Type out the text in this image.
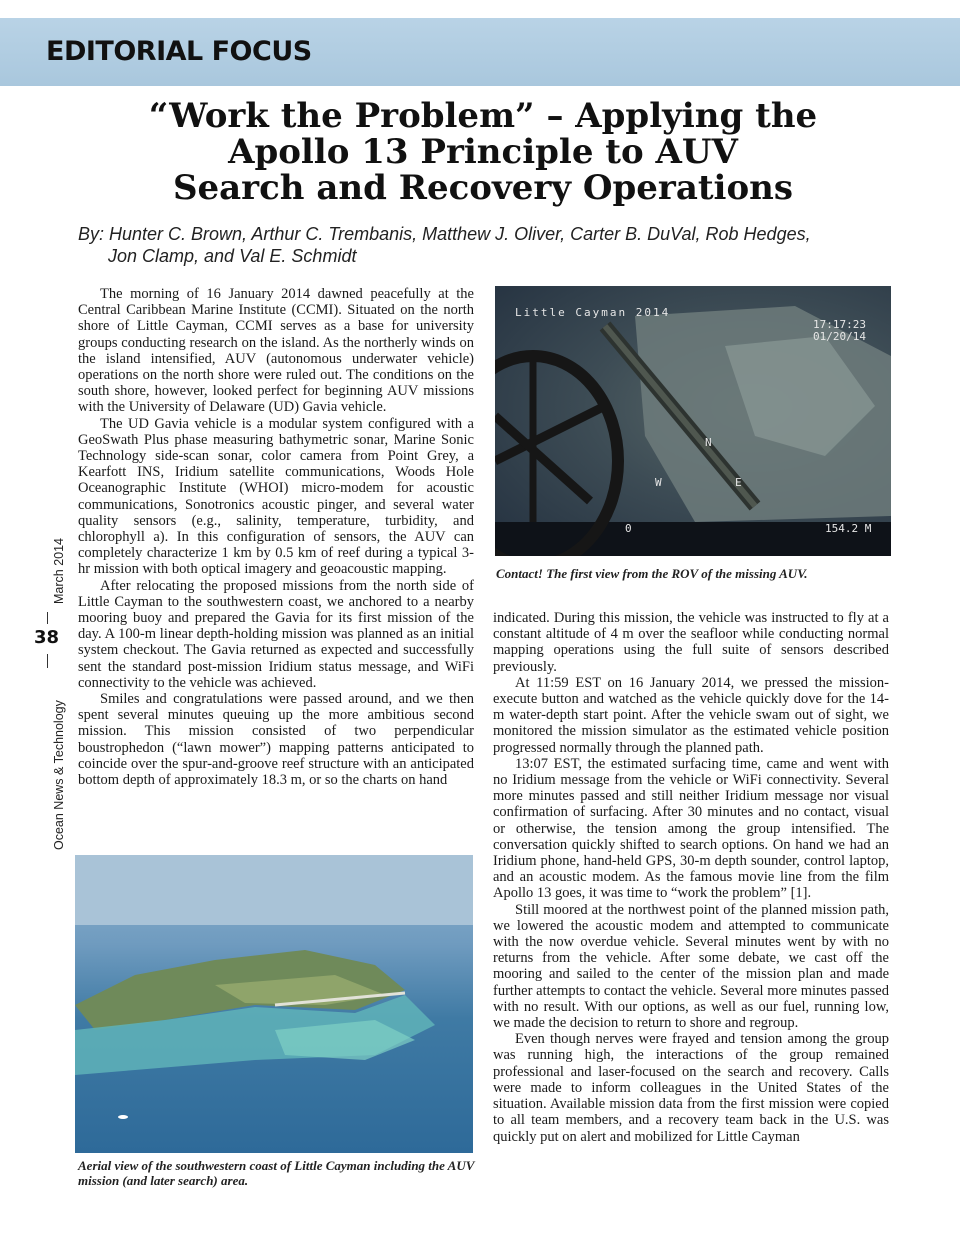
EDITORIAL FOCUS
“Work the Problem” – Applying the
Apollo 13 Principle to AUV
Search and Recovery Operations
By: Hunter C. Brown, Arthur C. Trembanis, Matthew J. Oliver, Carter B. DuVal, Rob Hedges,
Jon Clamp, and Val E. Schmidt
March 2014
38
Ocean News & Technology

The morning of 16 January 2014 dawned peacefully at the Central Caribbean Marine Institute (CCMI). Situated on the north shore of Little Cayman, CCMI serves as a base for university groups conducting research on the island. As the northerly winds on the island intensified, AUV (autonomous underwater vehicle) operations on the north shore were ruled out. The conditions on the south shore, however, looked perfect for beginning AUV missions with the University of Delaware (UD) Gavia vehicle.

The UD Gavia vehicle is a modular system configured with a GeoSwath Plus phase measuring bathymetric sonar, Marine Sonic Technology side-scan sonar, color camera from Point Grey, a Kearfott INS, Iridium satellite communications, Woods Hole Oceanographic Institute (WHOI) micro-modem for acoustic communications, Sonotronics acoustic pinger, and several water quality sensors (e.g., salinity, temperature, turbidity, and chlorophyll a). In this configuration of sensors, the AUV can completely characterize 1 km by 0.5 km of reef during a typical 3-hr mission with both optical imagery and geoacoustic mapping.

After relocating the proposed missions from the north side of Little Cayman to the southwestern coast, we anchored to a nearby mooring buoy and prepared the Gavia for its first mission of the day. A 100-m linear depth-holding mission was planned as an initial system checkout. The Gavia returned as expected and successfully sent the standard post-mission Iridium status message, and WiFi connectivity to the vehicle was achieved.

Smiles and congratulations were passed around, and we then spent several minutes queuing up the more ambitious second mission. This mission consisted of two perpendicular boustrophedon (“lawn mower”) mapping patterns anticipated to coincide over the spur-and-groove reef structure with an anticipated bottom depth of approximately 18.3 m, or so the charts on hand

Little Cayman 2014
17:17:23
01/20/14
N
W	E
0	154.2 M
Contact! The first view from the ROV of the missing AUV.
Aerial view of the southwestern coast of Little Cayman including the AUV mission (and later search) area.

indicated. During this mission, the vehicle was instructed to fly at a constant altitude of 4 m over the seafloor while conducting normal mapping operations using the full suite of sensors described previously.

At 11:59 EST on 16 January 2014, we pressed the mission-execute button and watched as the vehicle quickly dove for the 14-m water-depth start point. After the vehicle swam out of sight, we monitored the mission simulator as the estimated vehicle position progressed normally through the planned path.

13:07 EST, the estimated surfacing time, came and went with no Iridium message from the vehicle or WiFi connectivity. Several more minutes passed and still neither Iridium message nor visual confirmation of surfacing. After 30 minutes and no contact, visual or otherwise, the tension among the group intensified. The conversation quickly shifted to search options. On hand we had an Iridium phone, hand-held GPS, 30-m depth sounder, control laptop, and an acoustic modem. As the famous movie line from the film Apollo 13 goes, it was time to “work the problem” [1].

Still moored at the northwest point of the planned mission path, we lowered the acoustic modem and attempted to communicate with the now overdue vehicle. Several minutes went by with no returns from the vehicle. After some debate, we cast off the mooring and sailed to the center of the mission plan and made further attempts to contact the vehicle. Several more minutes passed with no result. With our options, as well as our fuel, running low, we made the decision to return to shore and regroup.

Even though nerves were frayed and tension among the group was running high, the interactions of the group remained professional and laser-focused on the search and recovery. Calls were made to inform colleagues in the United States of the situation. Available mission data from the first mission were copied to all team members, and a recovery team back in the U.S. was quickly put on alert and mobilized for Little Cayman
